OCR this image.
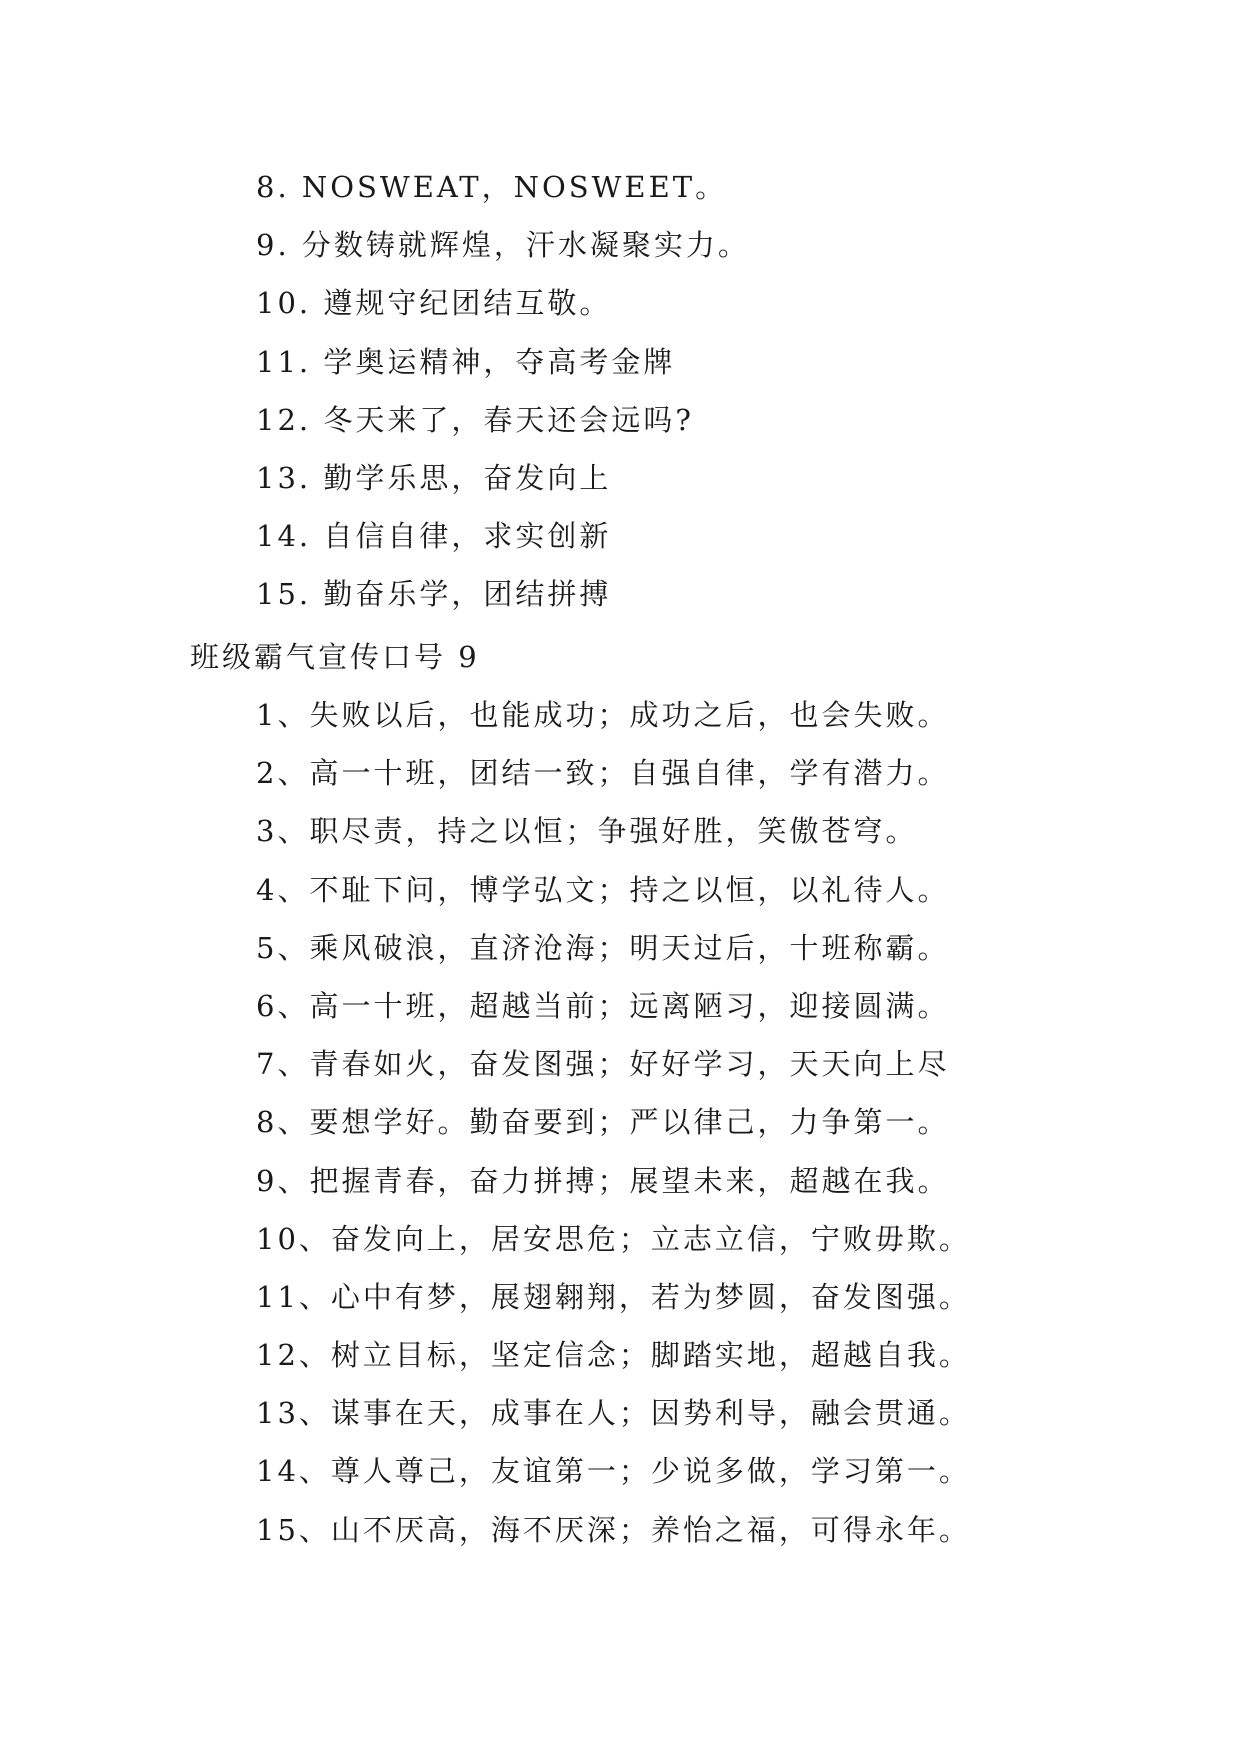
8. NOSWEAT，NOSWEET。
9. 分数铸就辉煌，汗水凝聚实力。
10. 遵规守纪团结互敬。
11. 学奥运精神，夺高考金牌
12. 冬天来了，春天还会远吗?
13. 勤学乐思，奋发向上
14. 自信自律，求实创新
15. 勤奋乐学，团结拼搏
班级霸气宣传口号 9
1、失败以后，也能成功；成功之后，也会失败。
2、高一十班，团结一致；自强自律，学有潜力。
3、职尽责，持之以恒；争强好胜，笑傲苍穹。
4、不耻下问，博学弘文；持之以恒，以礼待人。
5、乘风破浪，直济沧海；明天过后，十班称霸。
6、高一十班，超越当前；远离陋习，迎接圆满。
7、青春如火，奋发图强；好好学习，天天向上尽
8、要想学好。勤奋要到；严以律己，力争第一。
9、把握青春，奋力拼搏；展望未来，超越在我。
10、奋发向上，居安思危；立志立信，宁败毋欺。
11、心中有梦，展翅翱翔，若为梦圆，奋发图强。
12、树立目标，坚定信念；脚踏实地，超越自我。
13、谋事在天，成事在人；因势利导，融会贯通。
14、尊人尊己，友谊第一；少说多做，学习第一。
15、山不厌高，海不厌深；养怡之福，可得永年。
